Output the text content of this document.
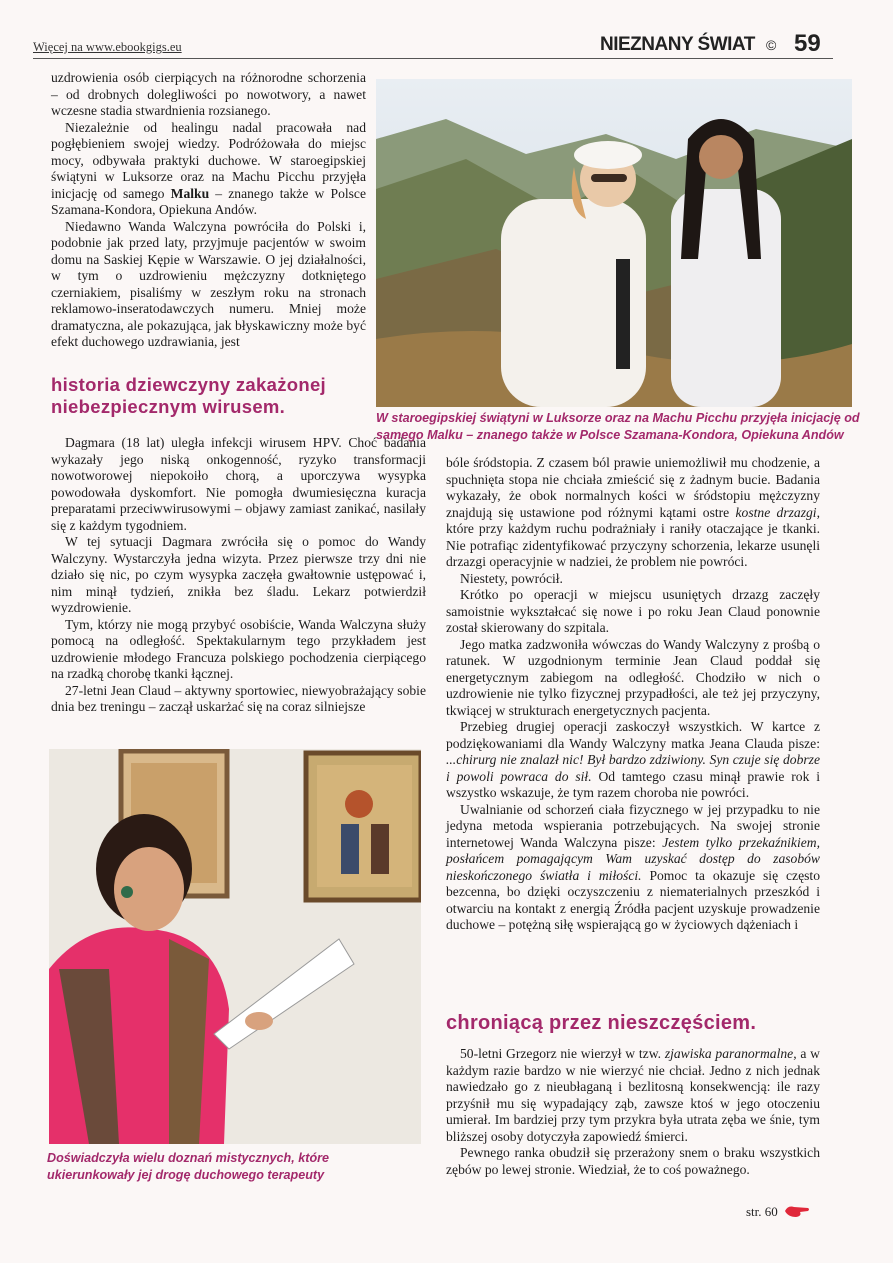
Więcej na www.ebookgigs.eu	NIEZNANY ŚWIAT © 59

uzdrowienia osób cierpiących na różnorodne schorzenia – od drobnych dolegliwości po nowotwory, a nawet wczesne stadia stwardnienia rozsianego.

Niezależnie od healingu nadal pracowała nad pogłębieniem swojej wiedzy. Podróżowała do miejsc mocy, odbywała praktyki duchowe. W staroegipskiej świątyni w Luksorze oraz na Machu Picchu przyjęła inicjację od samego Malku – znanego także w Polsce Szamana-Kondora, Opiekuna Andów.

Niedawno Wanda Walczyna powróciła do Polski i, podobnie jak przed laty, przyjmuje pacjentów w swoim domu na Saskiej Kępie w Warszawie. O jej działalności, w tym o uzdrowieniu mężczyzny dotkniętego czerniakiem, pisaliśmy w zeszłym roku na stronach reklamowo-inseratodawczych numeru. Mniej może dramatyczna, ale pokazująca, jak błyskawiczny może być efekt duchowego uzdrawiania, jest

historia dziewczyny zakażonej niebezpiecznym wirusem.

Dagmara (18 lat) uległa infekcji wirusem HPV. Choć badania wykazały jego niską onkogenność, ryzyko transformacji nowotworowej niepokoiło chorą, a uporczywa wysypka powodowała dyskomfort. Nie pomogła dwumiesięczna kuracja preparatami przeciwwirusowymi – objawy zamiast zanikać, nasilały się z każdym tygodniem.

W tej sytuacji Dagmara zwróciła się o pomoc do Wandy Walczyny. Wystarczyła jedna wizyta. Przez pierwsze trzy dni nie działo się nic, po czym wysypka zaczęła gwałtownie ustępować i, nim minął tydzień, znikła bez śladu. Lekarz potwierdził wyzdrowienie.

Tym, którzy nie mogą przybyć osobiście, Wanda Walczyna służy pomocą na odległość. Spektakularnym tego przykładem jest uzdrowienie młodego Francuza polskiego pochodzenia cierpiącego na rzadką chorobę tkanki łącznej.

27-letni Jean Claud – aktywny sportowiec, niewyobrażający sobie dnia bez treningu – zaczął uskarżać się na coraz silniejsze

W staroegipskiej świątyni w Luksorze oraz na Machu Picchu przyjęła inicjację od samego Malku – znanego także w Polsce Szamana-Kondora, Opiekuna Andów
Doświadczyła wielu doznań mistycznych, które ukierunkowały jej drogę duchowego terapeuty

bóle śródstopia. Z czasem ból prawie uniemożliwił mu chodzenie, a spuchnięta stopa nie chciała zmieścić się z żadnym bucie. Badania wykazały, że obok normalnych kości w śródstopiu mężczyzny znajdują się ustawione pod różnymi kątami ostre kostne drzazgi, które przy każdym ruchu podrażniały i raniły otaczające je tkanki. Nie potrafiąc zidentyfikować przyczyny schorzenia, lekarze usunęli drzazgi operacyjnie w nadziei, że problem nie powróci.

Niestety, powrócił.

Krótko po operacji w miejscu usuniętych drzazg zaczęły samoistnie wykształcać się nowe i po roku Jean Claud ponownie został skierowany do szpitala.

Jego matka zadzwoniła wówczas do Wandy Walczyny z prośbą o ratunek. W uzgodnionym terminie Jean Claud poddał się energetycznym zabiegom na odległość. Chodziło w nich o uzdrowienie nie tylko fizycznej przypadłości, ale też jej przyczyny, tkwiącej w strukturach energetycznych pacjenta.

Przebieg drugiej operacji zaskoczył wszystkich. W kartce z podziękowaniami dla Wandy Walczyny matka Jeana Clauda pisze: ...chirurg nie znalazł nic! Był bardzo zdziwiony. Syn czuje się dobrze i powoli powraca do sił. Od tamtego czasu minął prawie rok i wszystko wskazuje, że tym razem choroba nie powróci.

Uwalnianie od schorzeń ciała fizycznego w jej przypadku to nie jedyna metoda wspierania potrzebujących. Na swojej stronie internetowej Wanda Walczyna pisze: Jestem tylko przekaźnikiem, posłańcem pomagającym Wam uzyskać dostęp do zasobów nieskończonego światła i miłości. Pomoc ta okazuje się często bezcenna, bo dzięki oczyszczeniu z niematerialnych przeszkód i otwarciu na kontakt z energią Źródła pacjent uzyskuje prowadzenie duchowe – potężną siłę wspierającą go w życiowych dążeniach i

chroniącą przez nieszczęściem.

50-letni Grzegorz nie wierzył w tzw. zjawiska paranormalne, a w każdym razie bardzo w nie wierzyć nie chciał. Jedno z nich jednak nawiedzało go z nieubłaganą i bezlitosną konsekwencją: ile razy przyśnił mu się wypadający ząb, zawsze ktoś w jego otoczeniu umierał. Im bardziej przy tym przykra była utrata zęba we śnie, tym bliższej osoby dotyczyła zapowiedź śmierci.

Pewnego ranka obudził się przerażony snem o braku wszystkich zębów po lewej stronie. Wiedział, że to coś poważnego.

str. 60
